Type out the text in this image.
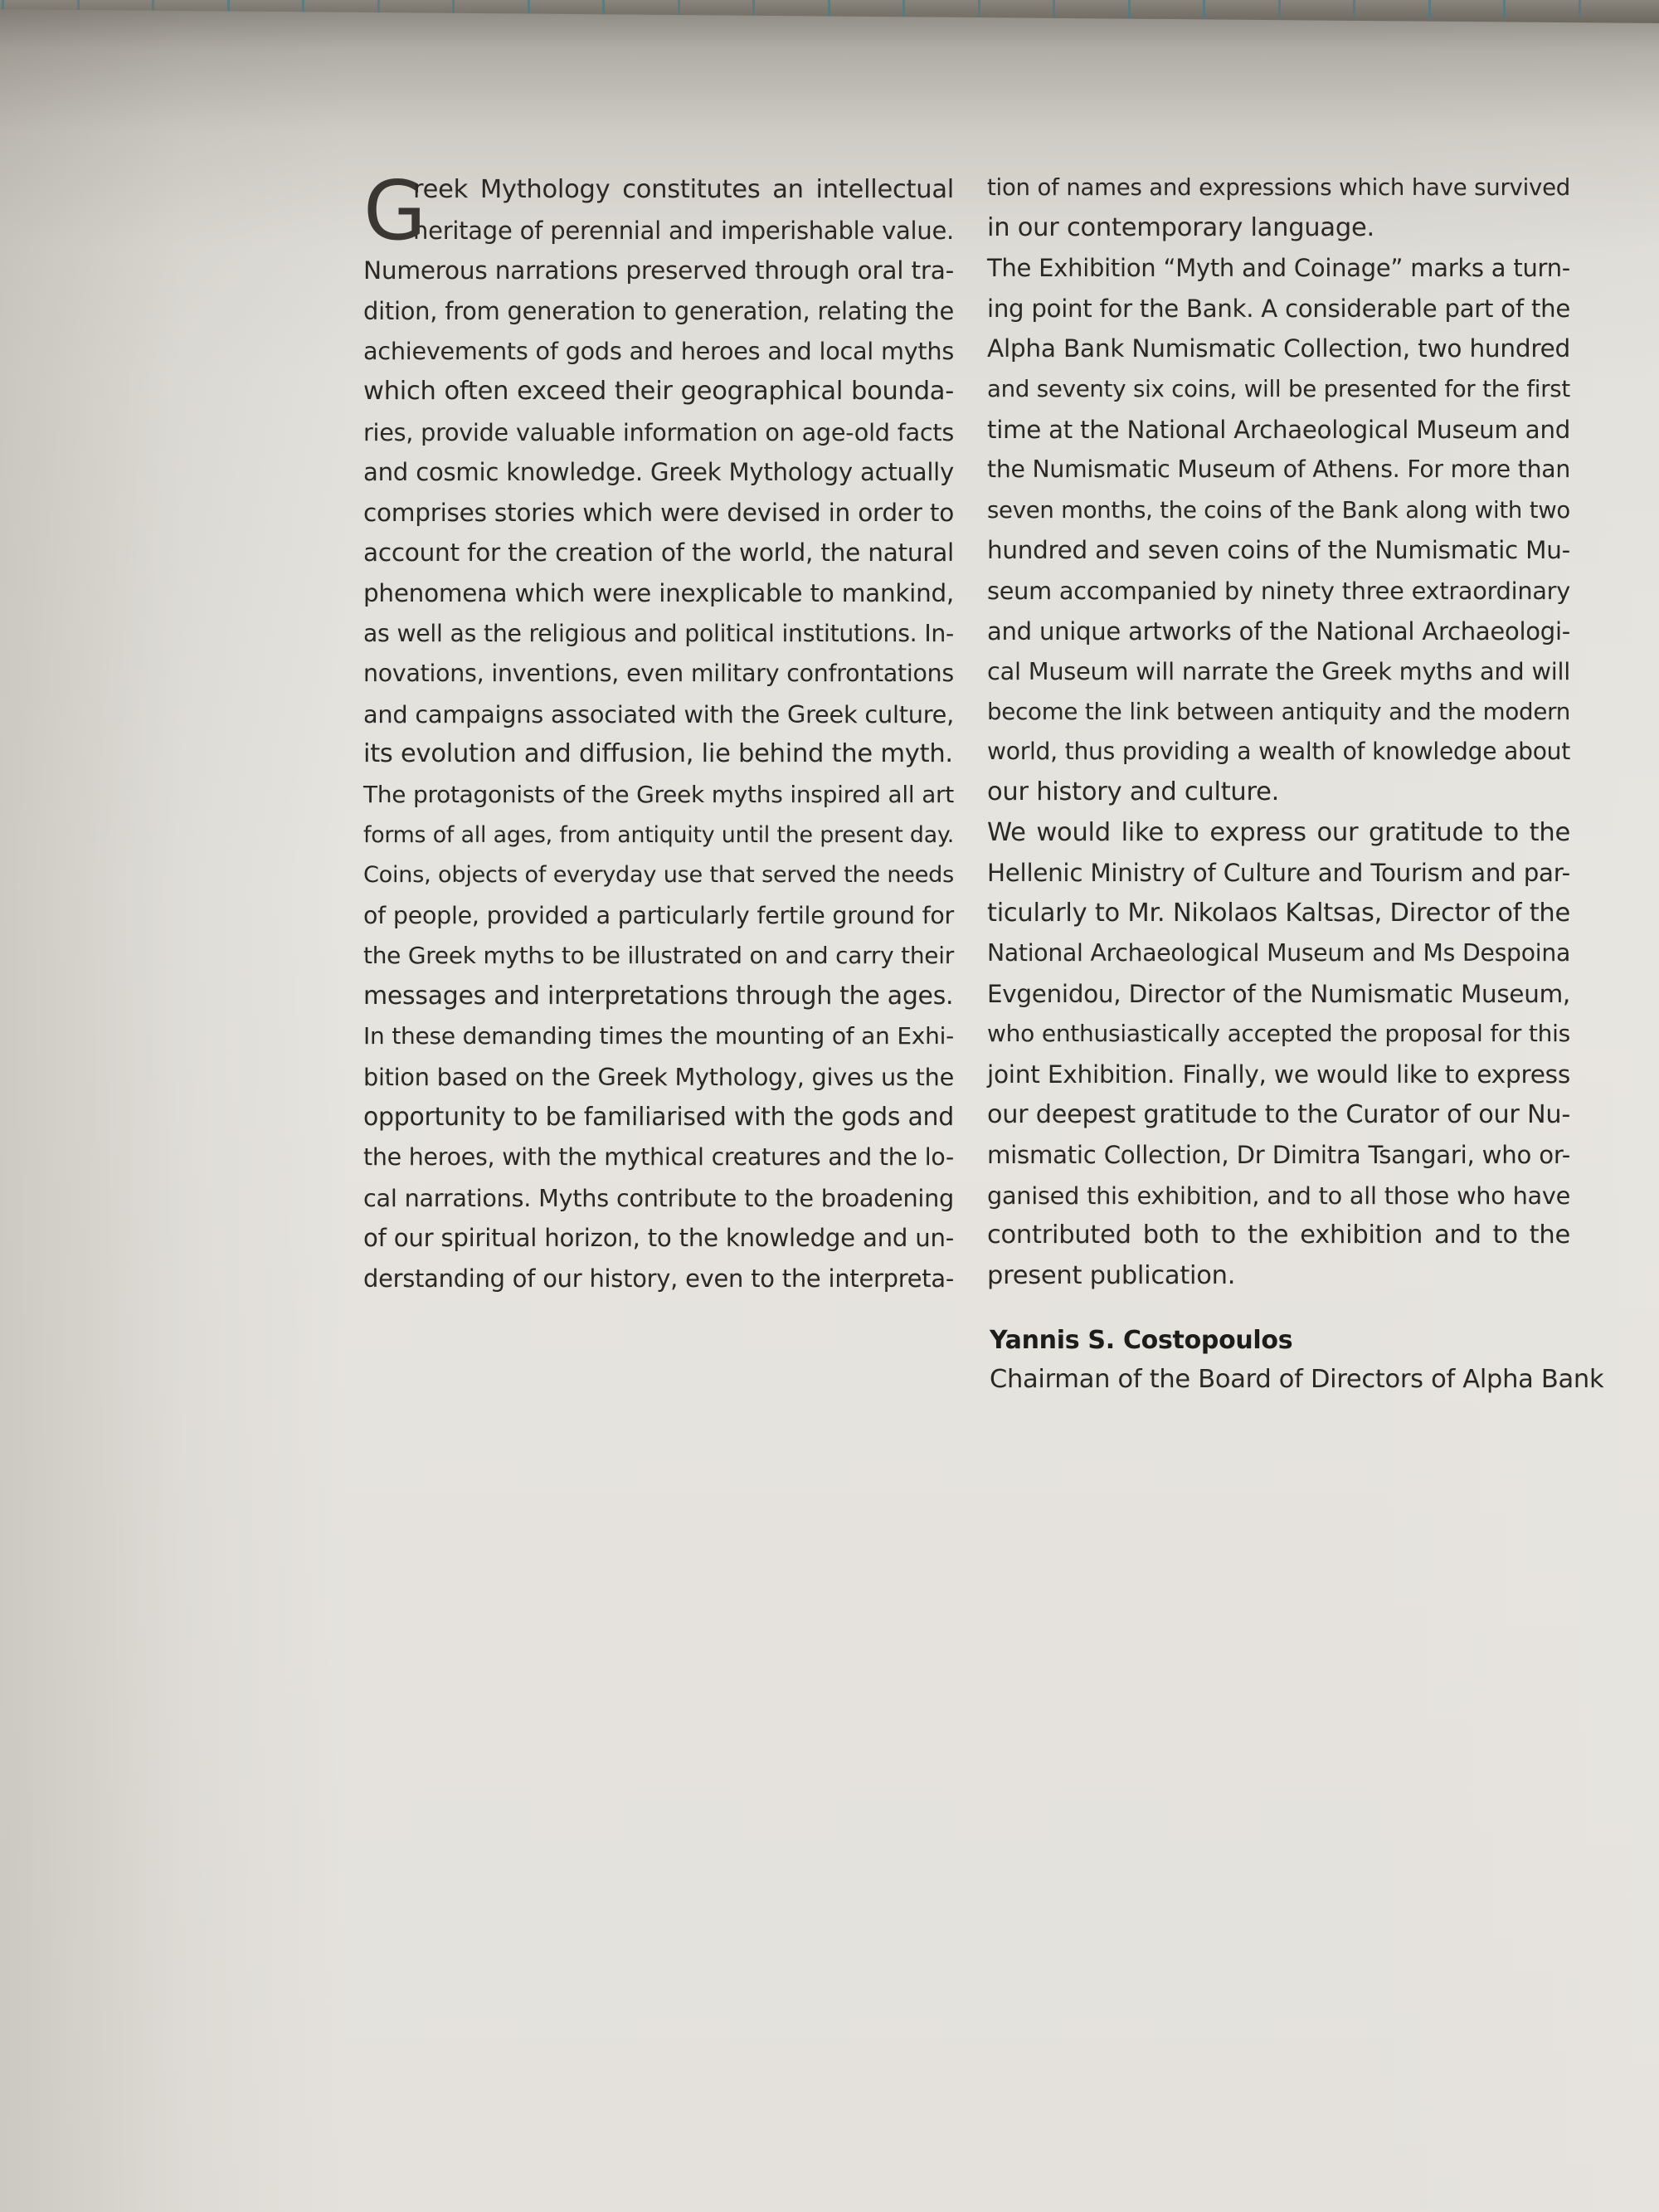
G
reek Mythology constitutes an intellectual
heritage of perennial and imperishable value.
Numerous narrations preserved through oral tra-
dition, from generation to generation, relating the
achievements of gods and heroes and local myths
which often exceed their geographical bounda-
ries, provide valuable information on age-old facts
and cosmic knowledge. Greek Mythology actually
comprises stories which were devised in order to
account for the creation of the world, the natural
phenomena which were inexplicable to mankind,
as well as the religious and political institutions. In-
novations, inventions, even military confrontations
and campaigns associated with the Greek culture,
its evolution and diffusion, lie behind the myth.
The protagonists of the Greek myths inspired all art
forms of all ages, from antiquity until the present day.
Coins, objects of everyday use that served the needs
of people, provided a particularly fertile ground for
the Greek myths to be illustrated on and carry their
messages and interpretations through the ages.
In these demanding times the mounting of an Exhi-
bition based on the Greek Mythology, gives us the
opportunity to be familiarised with the gods and
the heroes, with the mythical creatures and the lo-
cal narrations. Myths contribute to the broadening
of our spiritual horizon, to the knowledge and un-
derstanding of our history, even to the interpreta-
tion of names and expressions which have survived
in our contemporary language.
The Exhibition “Myth and Coinage” marks a turn-
ing point for the Bank. A considerable part of the
Alpha Bank Numismatic Collection, two hundred
and seventy six coins, will be presented for the first
time at the National Archaeological Museum and
the Numismatic Museum of Athens. For more than
seven months, the coins of the Bank along with two
hundred and seven coins of the Numismatic Mu-
seum accompanied by ninety three extraordinary
and unique artworks of the National Archaeologi-
cal Museum will narrate the Greek myths and will
become the link between antiquity and the modern
world, thus providing a wealth of knowledge about
our history and culture.
We would like to express our gratitude to the
Hellenic Ministry of Culture and Tourism and par-
ticularly to Mr. Nikolaos Kaltsas, Director of the
National Archaeological Museum and Ms Despoina
Evgenidou, Director of the Numismatic Museum,
who enthusiastically accepted the proposal for this
joint Exhibition. Finally, we would like to express
our deepest gratitude to the Curator of our Nu-
mismatic Collection, Dr Dimitra Tsangari, who or-
ganised this exhibition, and to all those who have
contributed both to the exhibition and to the
present publication.
Yannis S. Costopoulos
Chairman of the Board of Directors of Alpha Bank
